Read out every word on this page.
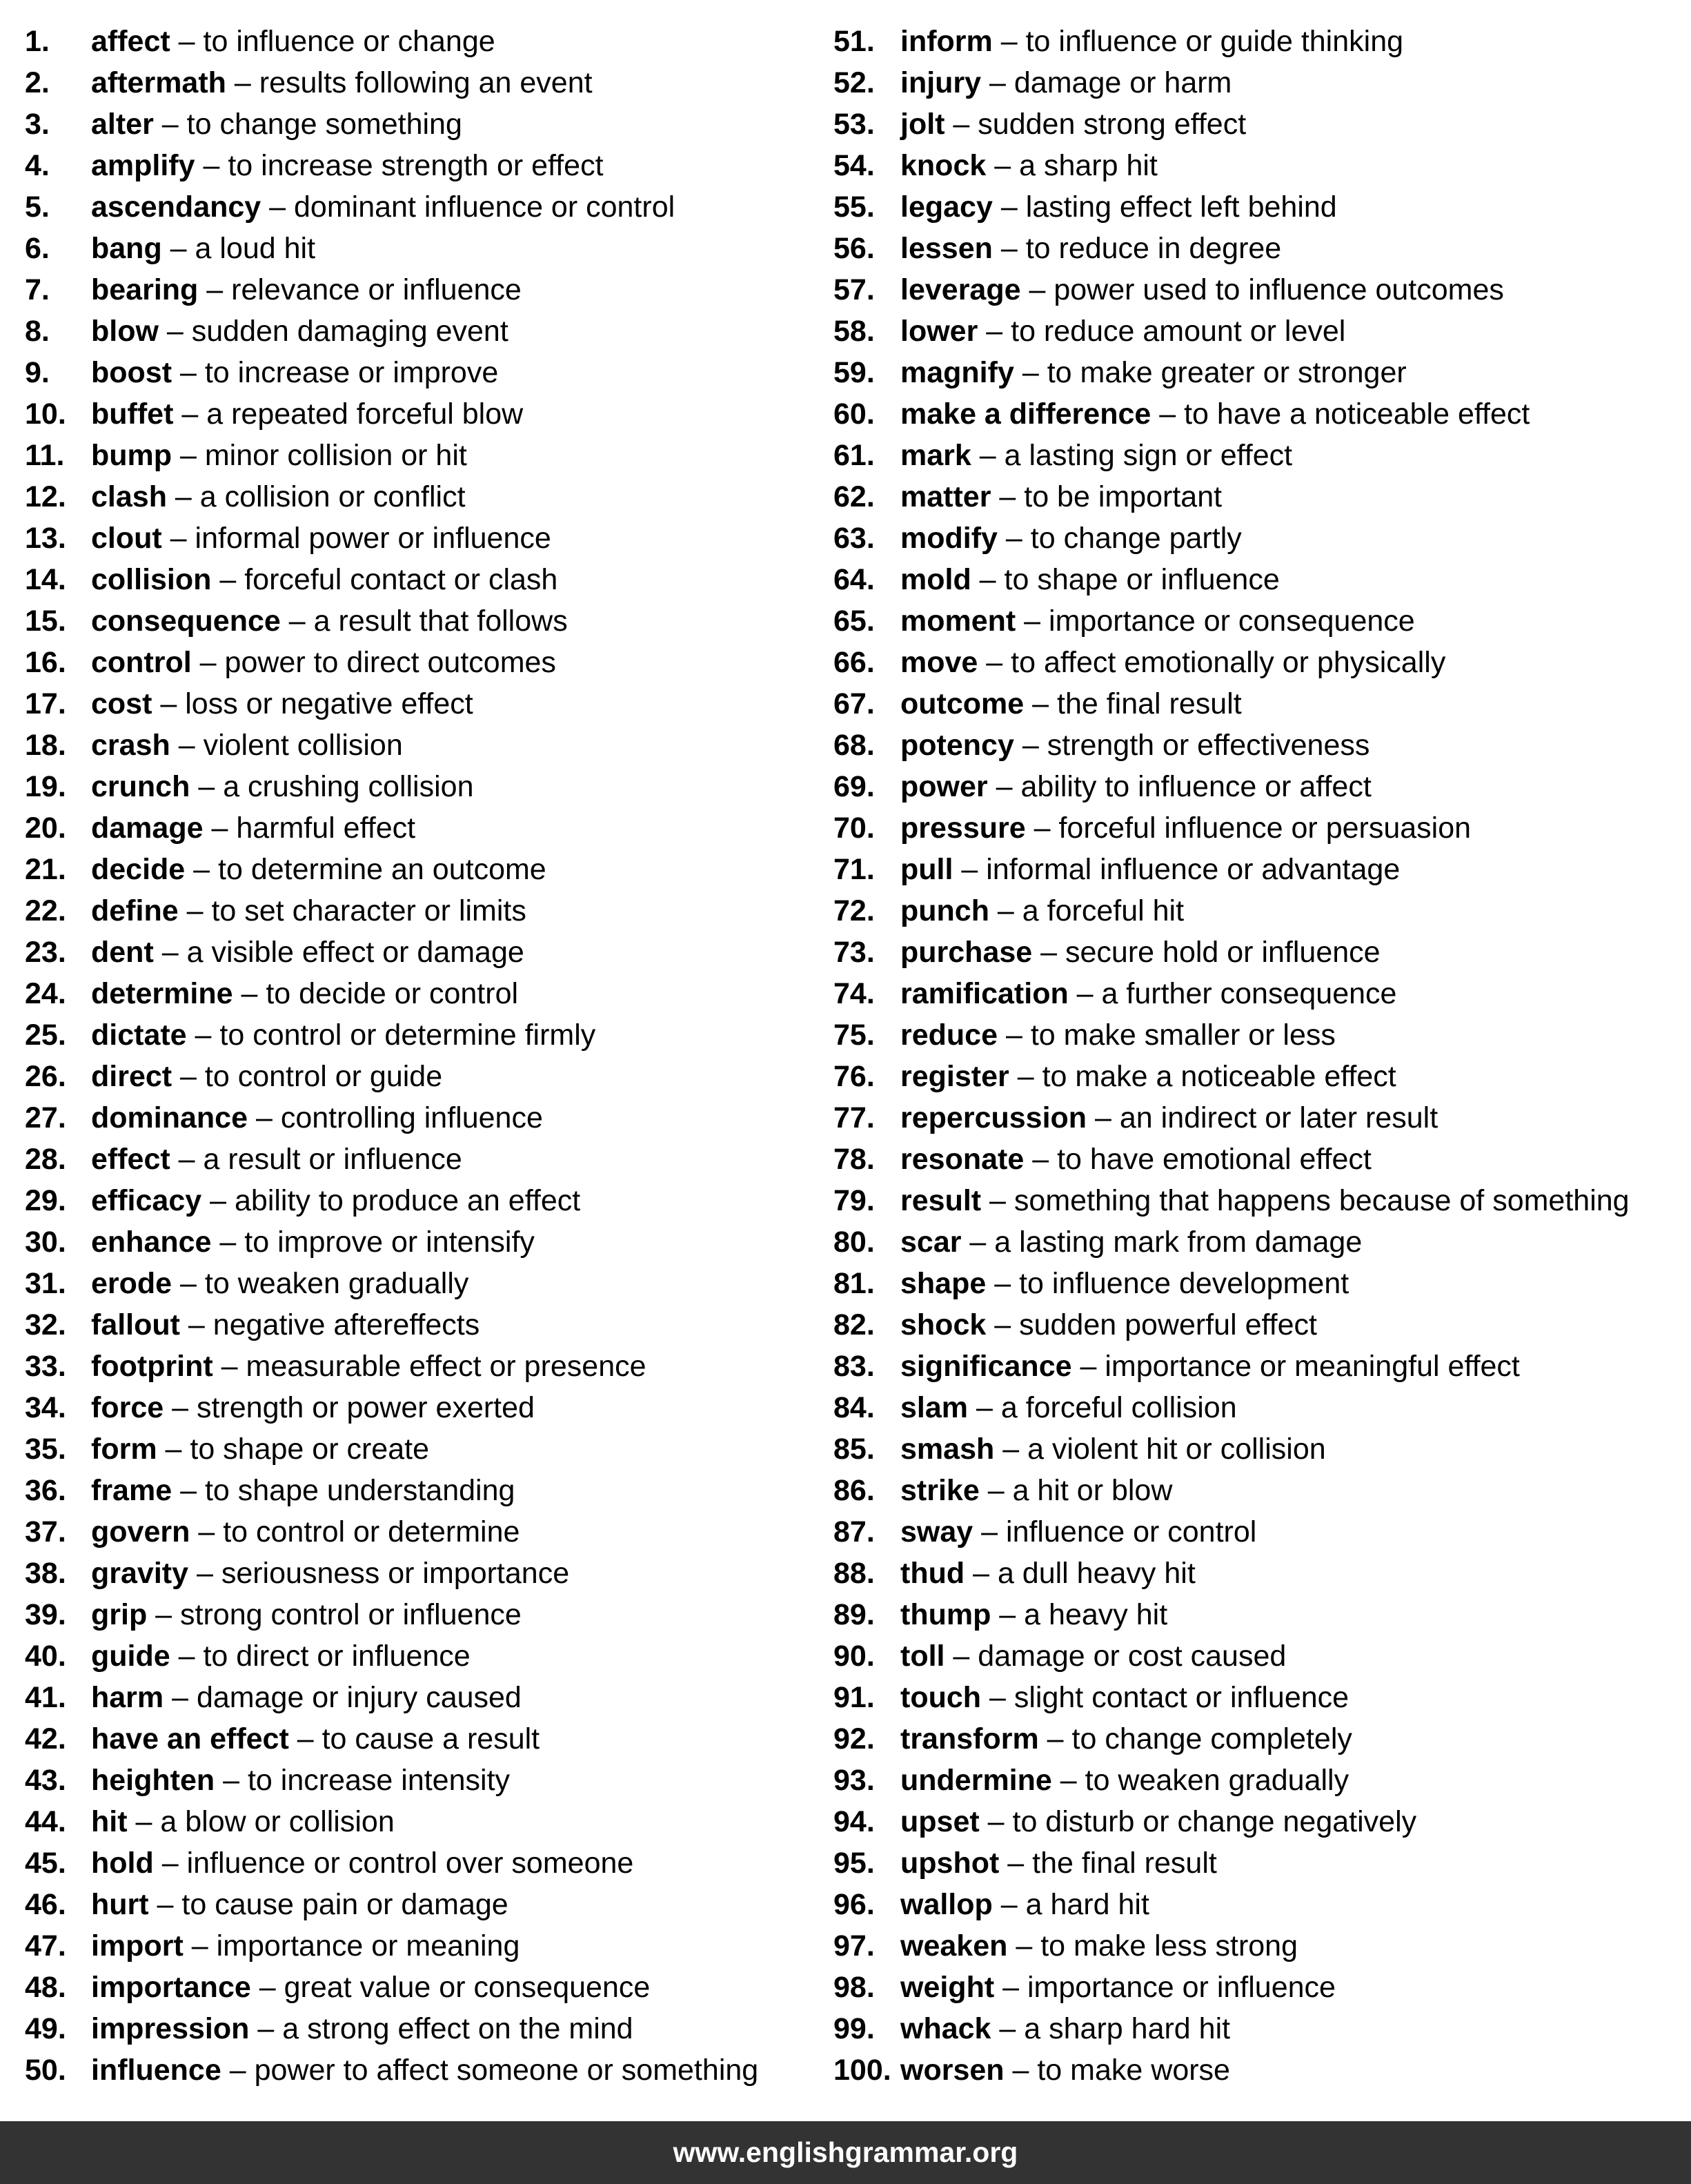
1. affect – to influence or change
2. aftermath – results following an event
3. alter – to change something
4. amplify – to increase strength or effect
5. ascendancy – dominant influence or control
6. bang – a loud hit
7. bearing – relevance or influence
8. blow – sudden damaging event
9. boost – to increase or improve
10. buffet – a repeated forceful blow
11. bump – minor collision or hit
12. clash – a collision or conflict
13. clout – informal power or influence
14. collision – forceful contact or clash
15. consequence – a result that follows
16. control – power to direct outcomes
17. cost – loss or negative effect
18. crash – violent collision
19. crunch – a crushing collision
20. damage – harmful effect
21. decide – to determine an outcome
22. define – to set character or limits
23. dent – a visible effect or damage
24. determine – to decide or control
25. dictate – to control or determine firmly
26. direct – to control or guide
27. dominance – controlling influence
28. effect – a result or influence
29. efficacy – ability to produce an effect
30. enhance – to improve or intensify
31. erode – to weaken gradually
32. fallout – negative aftereffects
33. footprint – measurable effect or presence
34. force – strength or power exerted
35. form – to shape or create
36. frame – to shape understanding
37. govern – to control or determine
38. gravity – seriousness or importance
39. grip – strong control or influence
40. guide – to direct or influence
41. harm – damage or injury caused
42. have an effect – to cause a result
43. heighten – to increase intensity
44. hit – a blow or collision
45. hold – influence or control over someone
46. hurt – to cause pain or damage
47. import – importance or meaning
48. importance – great value or consequence
49. impression – a strong effect on the mind
50. influence – power to affect someone or something
51. inform – to influence or guide thinking
52. injury – damage or harm
53. jolt – sudden strong effect
54. knock – a sharp hit
55. legacy – lasting effect left behind
56. lessen – to reduce in degree
57. leverage – power used to influence outcomes
58. lower – to reduce amount or level
59. magnify – to make greater or stronger
60. make a difference – to have a noticeable effect
61. mark – a lasting sign or effect
62. matter – to be important
63. modify – to change partly
64. mold – to shape or influence
65. moment – importance or consequence
66. move – to affect emotionally or physically
67. outcome – the final result
68. potency – strength or effectiveness
69. power – ability to influence or affect
70. pressure – forceful influence or persuasion
71. pull – informal influence or advantage
72. punch – a forceful hit
73. purchase – secure hold or influence
74. ramification – a further consequence
75. reduce – to make smaller or less
76. register – to make a noticeable effect
77. repercussion – an indirect or later result
78. resonate – to have emotional effect
79. result – something that happens because of something
80. scar – a lasting mark from damage
81. shape – to influence development
82. shock – sudden powerful effect
83. significance – importance or meaningful effect
84. slam – a forceful collision
85. smash – a violent hit or collision
86. strike – a hit or blow
87. sway – influence or control
88. thud – a dull heavy hit
89. thump – a heavy hit
90. toll – damage or cost caused
91. touch – slight contact or influence
92. transform – to change completely
93. undermine – to weaken gradually
94. upset – to disturb or change negatively
95. upshot – the final result
96. wallop – a hard hit
97. weaken – to make less strong
98. weight – importance or influence
99. whack – a sharp hard hit
100. worsen – to make worse
www.englishgrammar.org
